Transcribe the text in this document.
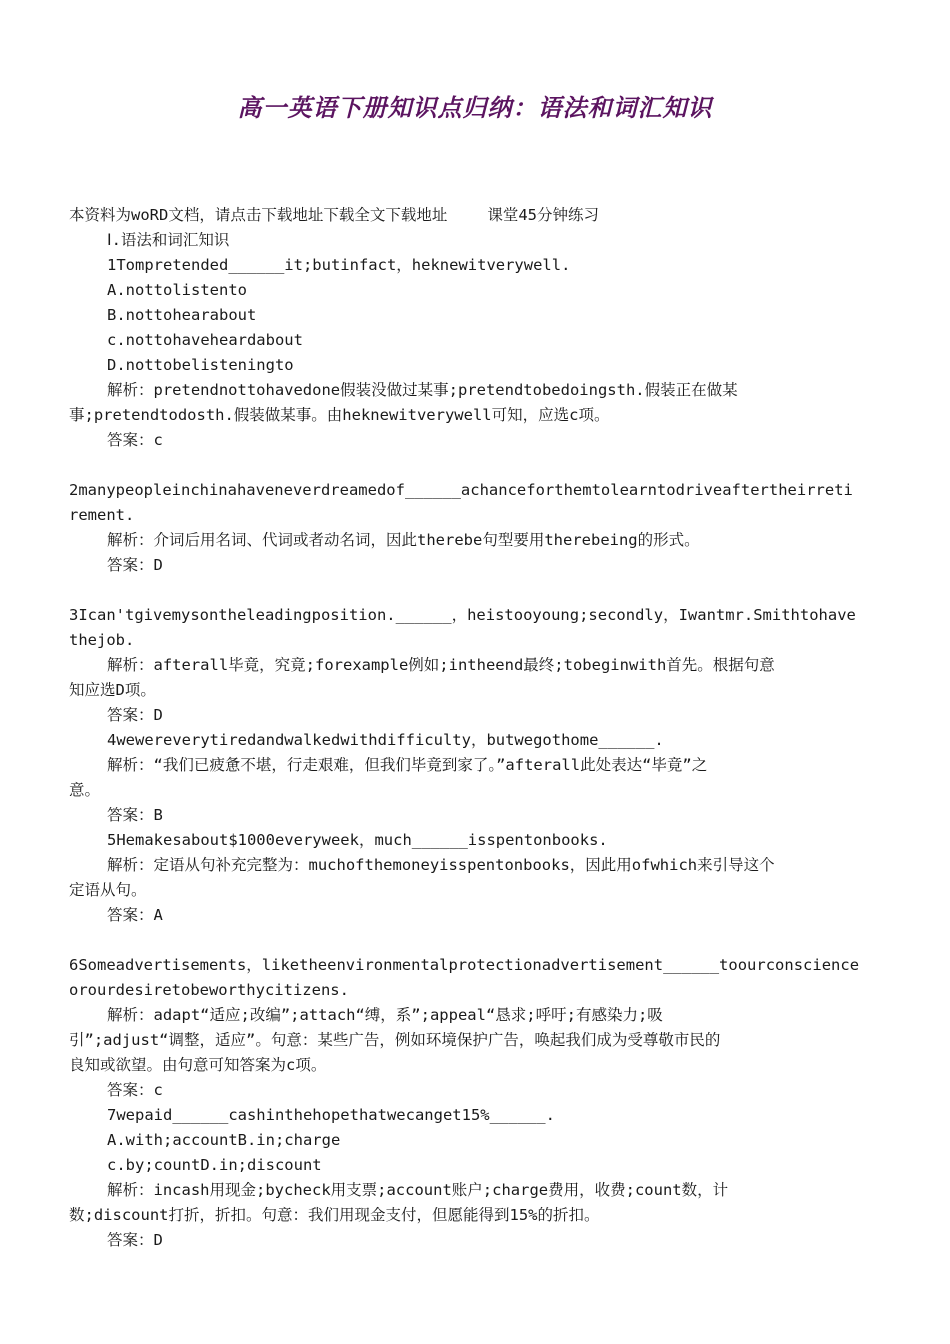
高一英语下册知识点归纳：语法和词汇知识
本资料为woRD文档，请点击下载地址下载全文下载地址	课堂45分钟练习
Ⅰ.语法和词汇知识
1Tompretended______it;butinfact，heknewitverywell.
A.nottolistento
B.nottohearabout
c.nottohaveheardabout
D.nottobelisteningto
解析：pretendnottohavedone假装没做过某事;pretendtobedoingsth.假装正在做某
事;pretendtodosth.假装做某事。由heknewitverywell可知，应选c项。
答案：c
2manypeopleinchinahaveneverdreamedof______achanceforthemtolearntodriveaftertheirreti
rement.
解析：介词后用名词、代词或者动名词，因此therebe句型要用therebeing的形式。
答案：D
3Ican'tgivemysontheleadingposition.______，heistooyoung;secondly，Iwantmr.Smithtohave
thejob.
解析：afterall毕竟，究竟;forexample例如;intheend最终;tobeginwith首先。根据句意
知应选D项。
答案：D
4wewereverytiredandwalkedwithdifficulty，butwegothome______.
解析：“我们已疲惫不堪，行走艰难，但我们毕竟到家了。”afterall此处表达“毕竟”之
意。
答案：B
5Hemakesabout$1000everyweek，much______isspentonbooks.
解析：定语从句补充完整为：muchofthemoneyisspentonbooks，因此用ofwhich来引导这个
定语从句。
答案：A
6Someadvertisements，liketheenvironmentalprotectionadvertisement______toourconscience
orourdesiretobeworthycitizens.
解析：adapt“适应;改编”;attach“缚，系”;appeal“恳求;呼吁;有感染力;吸
引”;adjust“调整，适应”。句意：某些广告，例如环境保护广告，唤起我们成为受尊敬市民的
良知或欲望。由句意可知答案为c项。
答案：c
7wepaid______cashinthehopethatwecanget15%______.
A.with;accountB.in;charge
c.by;countD.in;discount
解析：incash用现金;bycheck用支票;account账户;charge费用，收费;count数，计
数;discount打折，折扣。句意：我们用现金支付，但愿能得到15%的折扣。
答案：D
